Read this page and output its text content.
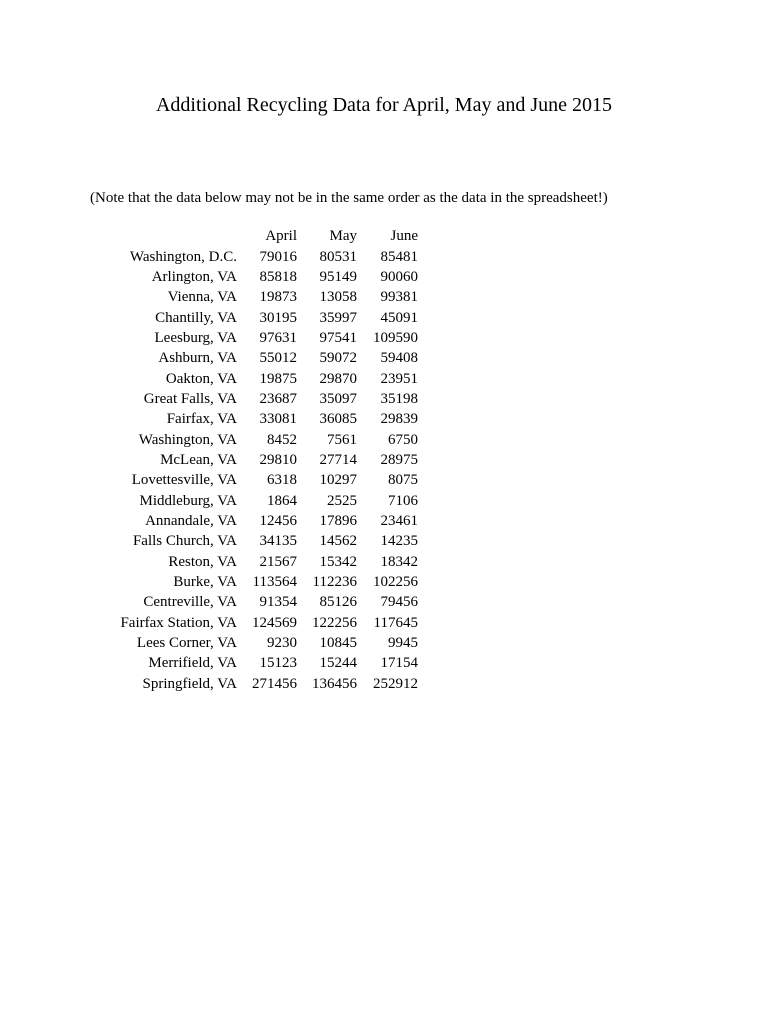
Additional Recycling Data for April, May and June 2015
(Note that the data below may not be in the same order as the data in the spreadsheet!)
	April	May	June
Washington, D.C.	79016	80531	85481
Arlington, VA	85818	95149	90060
Vienna, VA	19873	13058	99381
Chantilly, VA	30195	35997	45091
Leesburg, VA	97631	97541	109590
Ashburn, VA	55012	59072	59408
Oakton, VA	19875	29870	23951
Great Falls, VA	23687	35097	35198
Fairfax, VA	33081	36085	29839
Washington, VA	8452	7561	6750
McLean, VA	29810	27714	28975
Lovettesville, VA	6318	10297	8075
Middleburg, VA	1864	2525	7106
Annandale, VA	12456	17896	23461
Falls Church, VA	34135	14562	14235
Reston, VA	21567	15342	18342
Burke, VA	113564	112236	102256
Centreville, VA	91354	85126	79456
Fairfax Station, VA	124569	122256	117645
Lees Corner, VA	9230	10845	9945
Merrifield, VA	15123	15244	17154
Springfield, VA	271456	136456	252912
